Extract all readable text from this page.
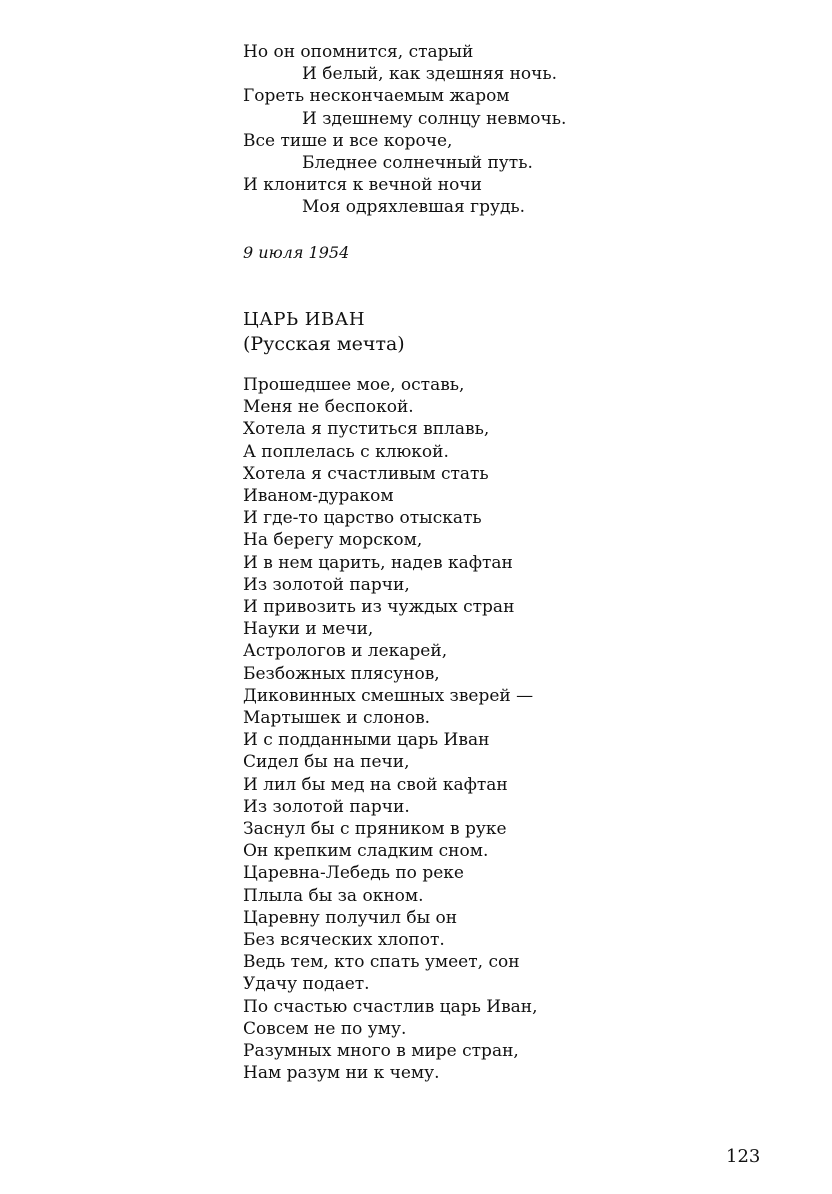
Но он опомнится, старый
И белый, как здешняя ночь.
Гореть нескончаемым жаром
И здешнему солнцу невмочь.
Все тише и все короче,
Бледнее солнечный путь.
И клонится к вечной ночи
Моя одряхлевшая грудь.
9 июля 1954
ЦАРЬ ИВАН
(Русская мечта)
Прошедшее мое, оставь,
Меня не беспокой.
Хотела я пуститься вплавь,
А поплелась с клюкой.
Хотела я счастливым стать
Иваном-дураком
И где-то царство отыскать
На берегу морском,
И в нем царить, надев кафтан
Из золотой парчи,
И привозить из чуждых стран
Науки и мечи,
Астрологов и лекарей,
Безбожных плясунов,
Диковинных смешных зверей —
Мартышек и слонов.
И с подданными царь Иван
Сидел бы на печи,
И лил бы мед на свой кафтан
Из золотой парчи.
Заснул бы с пряником в руке
Он крепким сладким сном.
Царевна-Лебедь по реке
Плыла бы за окном.
Царевну получил бы он
Без всяческих хлопот.
Ведь тем, кто спать умеет, сон
Удачу подает.
По счастью счастлив царь Иван,
Совсем не по уму.
Разумных много в мире стран,
Нам разум ни к чему.
123
